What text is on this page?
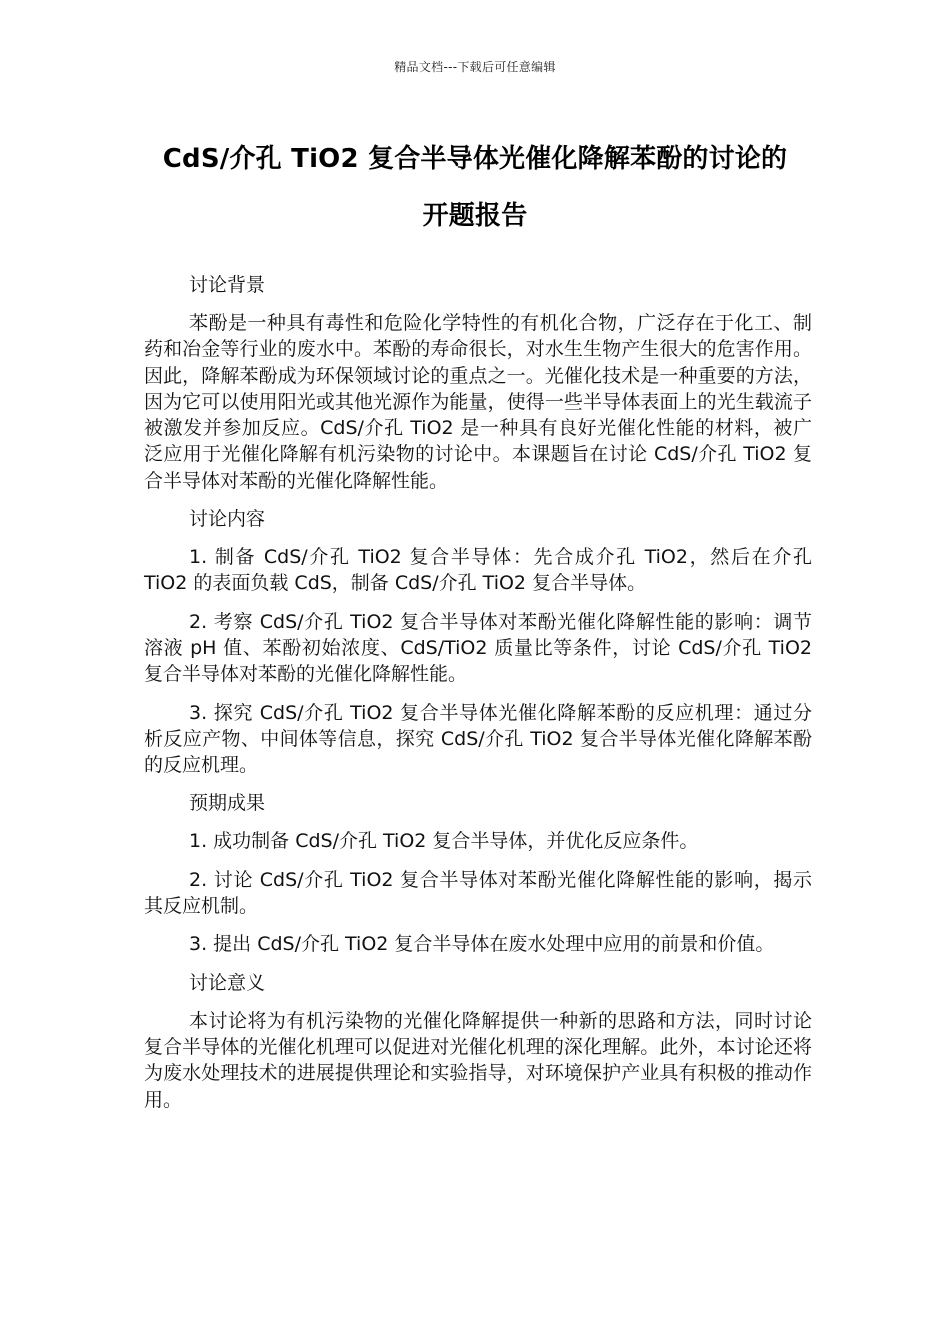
精品文档---下载后可任意编辑
CdS/介孔 TiO2 复合半导体光催化降解苯酚的讨论的
开题报告
讨论背景
苯酚是一种具有毒性和危险化学特性的有机化合物，广泛存在于化工、制药和冶金等行业的废水中。苯酚的寿命很长，对水生生物产生很大的危害作用。因此，降解苯酚成为环保领域讨论的重点之一。光催化技术是一种重要的方法，因为它可以使用阳光或其他光源作为能量，使得一些半导体表面上的光生载流子被激发并参加反应。CdS/介孔 TiO2 是一种具有良好光催化性能的材料，被广泛应用于光催化降解有机污染物的讨论中。本课题旨在讨论 CdS/介孔 TiO2 复合半导体对苯酚的光催化降解性能。
讨论内容
1. 制备 CdS/介孔 TiO2 复合半导体：先合成介孔 TiO2，然后在介孔 TiO2 的表面负载 CdS，制备 CdS/介孔 TiO2 复合半导体。
2. 考察 CdS/介孔 TiO2 复合半导体对苯酚光催化降解性能的影响：调节溶液 pH 值、苯酚初始浓度、CdS/TiO2 质量比等条件，讨论 CdS/介孔 TiO2 复合半导体对苯酚的光催化降解性能。
3. 探究 CdS/介孔 TiO2 复合半导体光催化降解苯酚的反应机理：通过分析反应产物、中间体等信息，探究 CdS/介孔 TiO2 复合半导体光催化降解苯酚的反应机理。
预期成果
1. 成功制备 CdS/介孔 TiO2 复合半导体，并优化反应条件。
2. 讨论 CdS/介孔 TiO2 复合半导体对苯酚光催化降解性能的影响，揭示其反应机制。
3. 提出 CdS/介孔 TiO2 复合半导体在废水处理中应用的前景和价值。
讨论意义
本讨论将为有机污染物的光催化降解提供一种新的思路和方法，同时讨论复合半导体的光催化机理可以促进对光催化机理的深化理解。此外，本讨论还将为废水处理技术的进展提供理论和实验指导，对环境保护产业具有积极的推动作用。
